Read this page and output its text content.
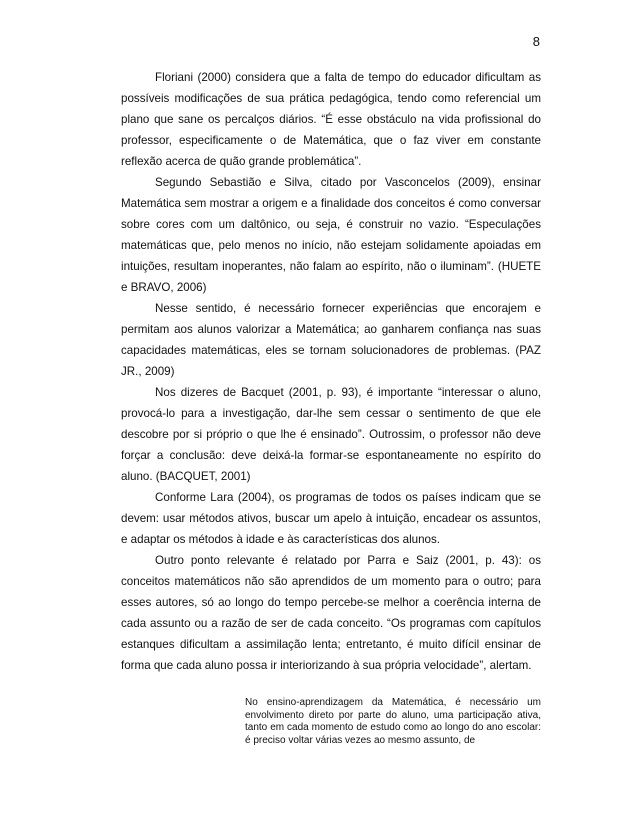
8

Floriani (2000) considera que a falta de tempo do educador dificultam as possíveis modificações de sua prática pedagógica, tendo como referencial um plano que sane os percalços diários. “É esse obstáculo na vida profissional do professor, especificamente o de Matemática, que o faz viver em constante reflexão acerca de quão grande problemática”.

Segundo Sebastião e Silva, citado por Vasconcelos (2009), ensinar Matemática sem mostrar a origem e a finalidade dos conceitos é como conversar sobre cores com um daltônico, ou seja, é construir no vazio. “Especulações matemáticas que, pelo menos no início, não estejam solidamente apoiadas em intuições, resultam inoperantes, não falam ao espírito, não o iluminam”. (HUETE e BRAVO, 2006)

Nesse sentido, é necessário fornecer experiências que encorajem e permitam aos alunos valorizar a Matemática; ao ganharem confiança nas suas capacidades matemáticas, eles se tornam solucionadores de problemas. (PAZ JR., 2009)

Nos dizeres de Bacquet (2001, p. 93), é importante “interessar o aluno, provocá-lo para a investigação, dar-lhe sem cessar o sentimento de que ele descobre por si próprio o que lhe é ensinado”. Outrossim, o professor não deve forçar a conclusão: deve deixá-la formar-se espontaneamente no espírito do aluno. (BACQUET, 2001)

Conforme Lara (2004), os programas de todos os países indicam que se devem: usar métodos ativos, buscar um apelo à intuição, encadear os assuntos, e adaptar os métodos à idade e às características dos alunos.

Outro ponto relevante é relatado por Parra e Saiz (2001, p. 43): os conceitos matemáticos não são aprendidos de um momento para o outro; para esses autores, só ao longo do tempo percebe-se melhor a coerência interna de cada assunto ou a razão de ser de cada conceito. “Os programas com capítulos estanques dificultam a assimilação lenta; entretanto, é muito difícil ensinar de forma que cada aluno possa ir interiorizando à sua própria velocidade”, alertam.

No ensino-aprendizagem da Matemática, é necessário um envolvimento direto por parte do aluno, uma participação ativa, tanto em cada momento de estudo como ao longo do ano escolar: é preciso voltar várias vezes ao mesmo assunto, de
